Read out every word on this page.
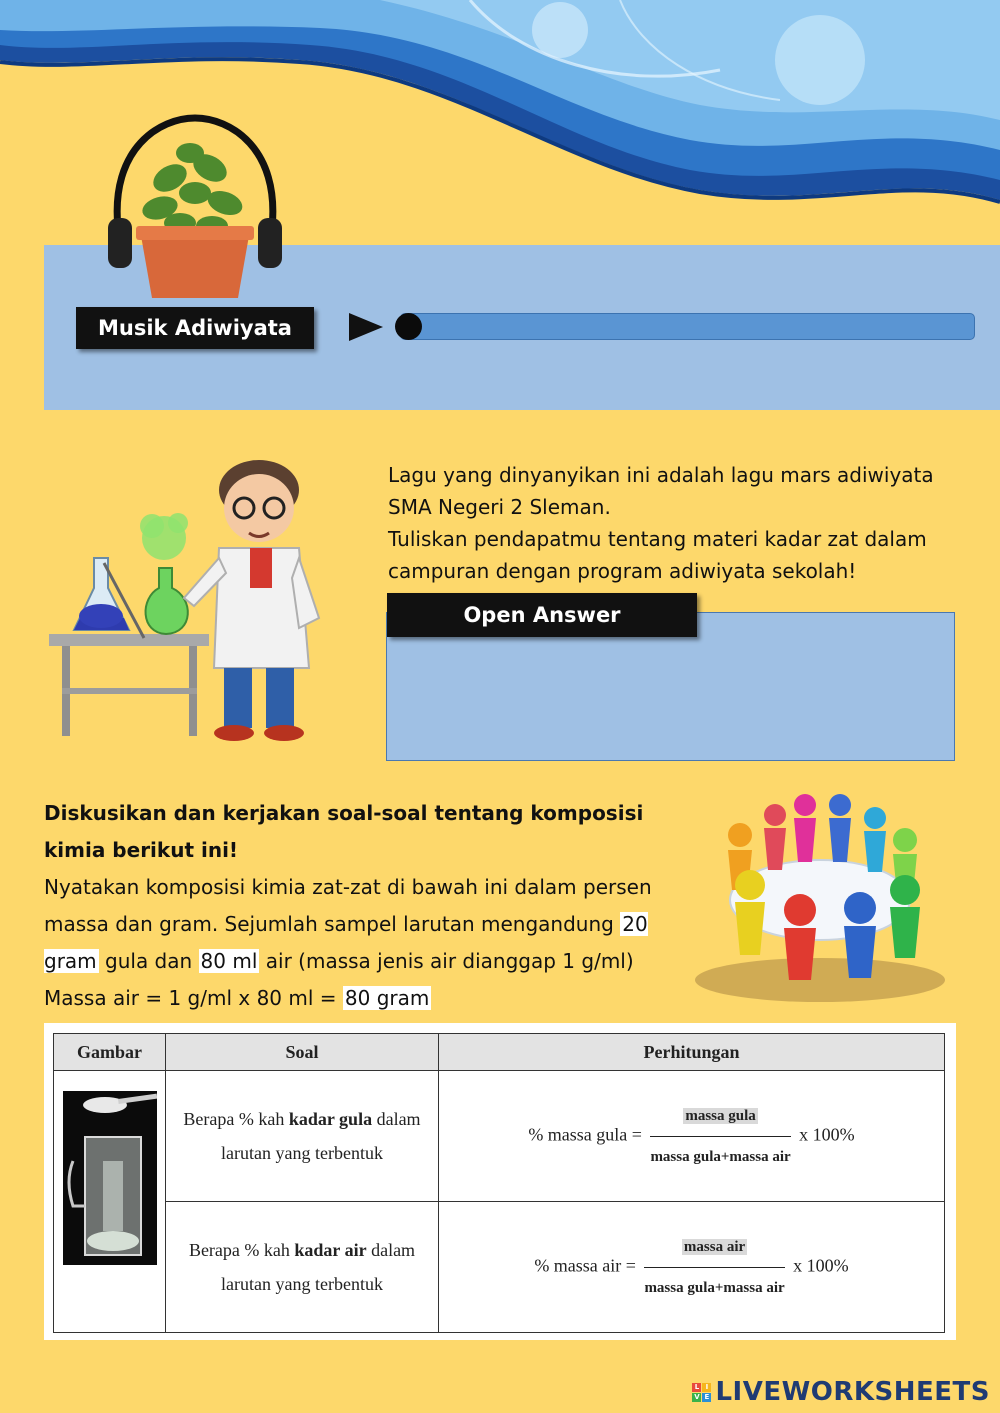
Musik Adiwiyata
Lagu yang dinyanyikan ini adalah lagu mars adiwiyata SMA Negeri 2 Sleman.
Tuliskan pendapatmu tentang materi kadar zat dalam campuran dengan program adiwiyata sekolah!
Open Answer
Diskusikan dan kerjakan soal-soal tentang komposisi kimia berikut ini!
Nyatakan komposisi kimia zat-zat di bawah ini dalam persen massa dan gram. Sejumlah sampel larutan mengandung 20 gram gula dan 80 ml air (massa jenis air dianggap 1 g/ml)
Massa air = 1 g/ml x 80 ml = 80 gram
Gambar	Soal	Perhitungan
	Berapa % kah kadar gula dalam larutan yang terbentuk	% massa gula = $\frac{\text{massa gula}}{\text{massa gula+massa air}}$ x 100%
	Berapa % kah kadar air dalam larutan yang terbentuk	% massa air = $\frac{\text{massa air}}{\text{massa gula+massa air}}$ x 100%
L I
V E LIVEWORKSHEETS
